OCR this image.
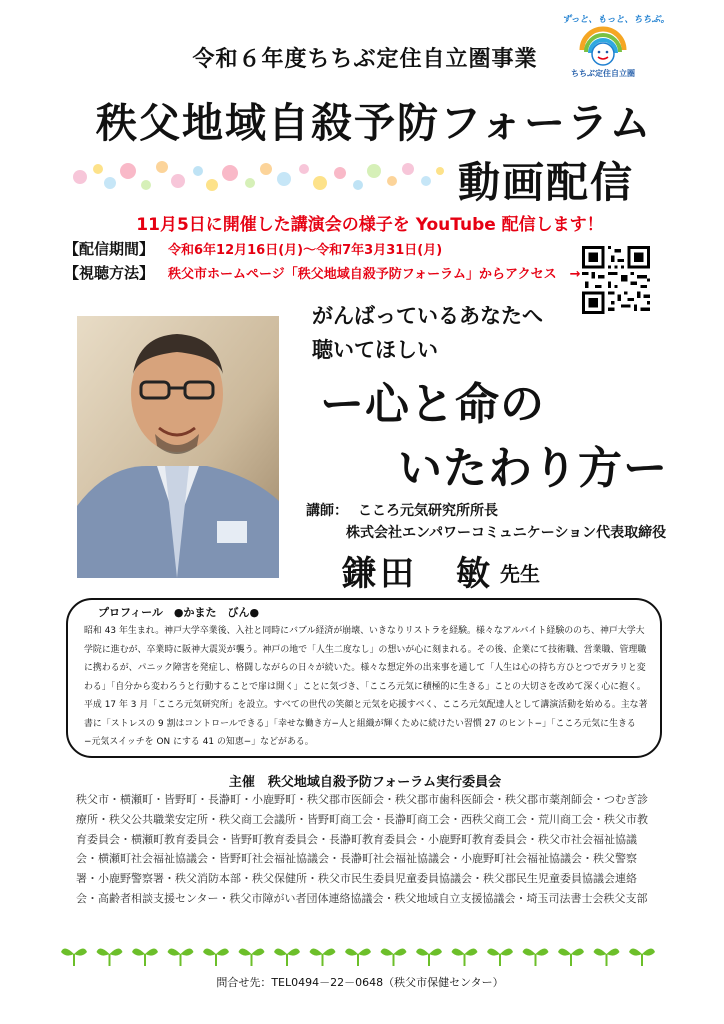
令和６年度ちちぶ定住自立圏事業
秩父地域自殺予防フォーラム
動画配信
ずっと、もっと、ちちぶ。
ちちぶ定住自立圏
11月5日に開催した講演会の様子を YouTube 配信します！
【配信期間】 令和6年12月16日(月)～令和7年3月31日(月)
【視聴方法】 秩父市ホームページ「秩父地域自殺予防フォーラム」からアクセス　→
がんばっているあなたへ
聴いてほしい
ー心と命の
いたわり方ー
講師： こころ元気研究所所長
株式会社エンパワーコミュニケーション代表取締役
鎌田　敏 先生
プロフィール　●かまた　びん●
昭和 43 年生まれ。神戸大学卒業後、入社と同時にバブル経済が崩壊、いきなりリストラを経験。様々なアルバイト経験ののち、神戸大学大学院に進むが、卒業時に阪神大震災が襲う。神戸の地で「人生二度なし」の想いが心に刻まれる。その後、企業にて技術職、営業職、管理職に携わるが、パニック障害を発症し、格闘しながらの日々が続いた。様々な想定外の出来事を通して「人生は心の持ち方ひとつでガラリと変わる」「自分から変わろうと行動することで扉は開く」ことに気づき、「こころ元気に積極的に生きる」ことの大切さを改めて深く心に抱く。平成 17 年 3 月「こころ元気研究所」を設立。すべての世代の笑顔と元気を応援すべく、こころ元気配達人として講演活動を始める。主な著書に「ストレスの 9 割はコントロールできる」「幸せな働き方−人と組織が輝くために続けたい習慣 27 のヒント−」「こころ元気に生きる−元気スイッチを ON にする 41 の知恵−」などがある。
主催　秩父地域自殺予防フォーラム実行委員会
秩父市・横瀬町・皆野町・長瀞町・小鹿野町・秩父郡市医師会・秩父郡市歯科医師会・秩父郡市薬剤師会・つむぎ診療所・秩父公共職業安定所・秩父商工会議所・皆野町商工会・長瀞町商工会・西秩父商工会・荒川商工会・秩父市教育委員会・横瀬町教育委員会・皆野町教育委員会・長瀞町教育委員会・小鹿野町教育委員会・秩父市社会福祉協議会・横瀬町社会福祉協議会・皆野町社会福祉協議会・長瀞町社会福祉協議会・小鹿野町社会福祉協議会・秩父警察署・小鹿野警察署・秩父消防本部・秩父保健所・秩父市民生委員児童委員協議会・秩父郡民生児童委員協議会連絡会・高齢者相談支援センター・秩父市障がい者団体連絡協議会・秩父地域自立支援協議会・埼玉司法書士会秩父支部
問合せ先：TEL0494－22－0648（秩父市保健センター）
